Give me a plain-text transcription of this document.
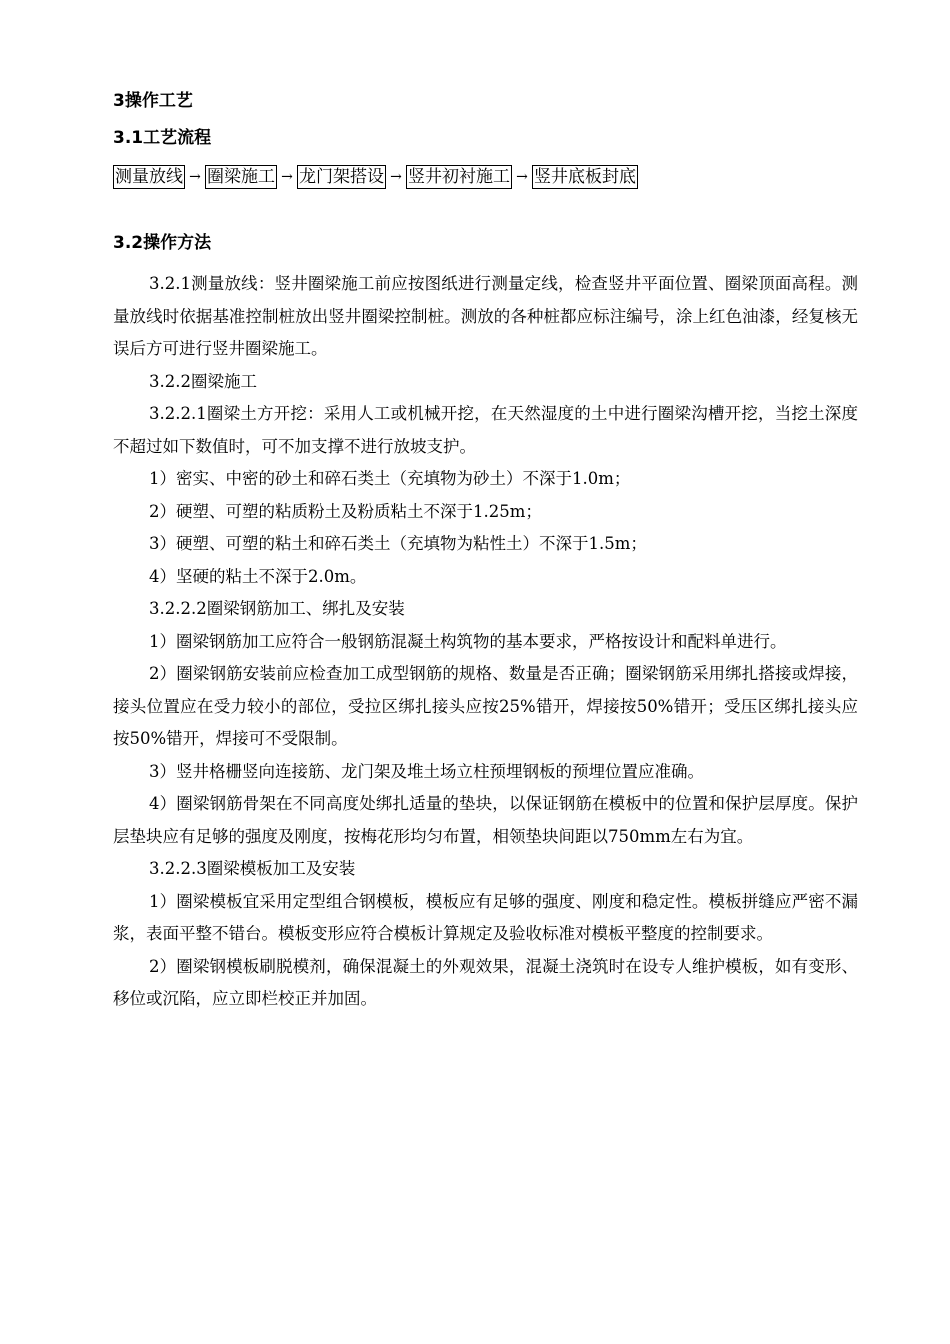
3操作工艺
3.1工艺流程
测量放线 → 圈梁施工 → 龙门架搭设 → 竖井初衬施工 → 竖井底板封底
3.2操作方法

3.2.1测量放线：竖井圈梁施工前应按图纸进行测量定线，检查竖井平面位置、圈梁顶面高程。测量放线时依据基准控制桩放出竖井圈梁控制桩。测放的各种桩都应标注编号，涂上红色油漆，经复核无误后方可进行竖井圈梁施工。

3.2.2圈梁施工

3.2.2.1圈梁土方开挖：采用人工或机械开挖，在天然湿度的土中进行圈梁沟槽开挖，当挖土深度不超过如下数值时，可不加支撑不进行放坡支护。

1）密实、中密的砂土和碎石类土（充填物为砂土）不深于1.0m；

2）硬塑、可塑的粘质粉土及粉质粘土不深于1.25m；

3）硬塑、可塑的粘土和碎石类土（充填物为粘性土）不深于1.5m；

4）坚硬的粘土不深于2.0m。

3.2.2.2圈梁钢筋加工、绑扎及安装

1）圈梁钢筋加工应符合一般钢筋混凝土构筑物的基本要求，严格按设计和配料单进行。

2）圈梁钢筋安装前应检查加工成型钢筋的规格、数量是否正确；圈梁钢筋采用绑扎搭接或焊接，接头位置应在受力较小的部位，受拉区绑扎接头应按25%错开，焊接按50%错开；受压区绑扎接头应按50%错开，焊接可不受限制。

3）竖井格栅竖向连接筋、龙门架及堆土场立柱预埋钢板的预埋位置应准确。

4）圈梁钢筋骨架在不同高度处绑扎适量的垫块，以保证钢筋在模板中的位置和保护层厚度。保护层垫块应有足够的强度及刚度，按梅花形均匀布置，相领垫块间距以750mm左右为宜。

3.2.2.3圈梁模板加工及安装

1）圈梁模板宜采用定型组合钢模板，模板应有足够的强度、刚度和稳定性。模板拼缝应严密不漏浆，表面平整不错台。模板变形应符合模板计算规定及验收标准对模板平整度的控制要求。

2）圈梁钢模板刷脱模剂，确保混凝土的外观效果，混凝土浇筑时在设专人维护模板，如有变形、移位或沉陷，应立即栏校正并加固。
